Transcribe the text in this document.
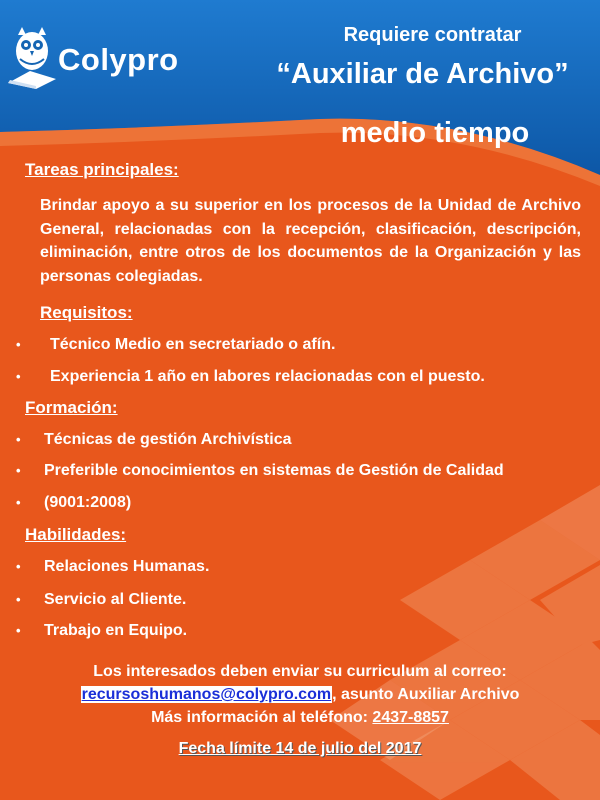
Colypro
Requiere contratar
“Auxiliar de Archivo”
medio tiempo
Tareas principales:
Brindar apoyo a su superior en los procesos de la Unidad de Archivo General, relacionadas con la recepción, clasificación, descripción, eliminación, entre otros de los documentos de la Organización y las personas colegiadas.
Requisitos:
• Técnico Medio en secretariado o afín.
• Experiencia 1 año en labores relacionadas con el puesto.
Formación:
• Técnicas de gestión Archivística
• Preferible conocimientos en sistemas de Gestión de Calidad
• (9001:2008)
Habilidades:
• Relaciones Humanas.
• Servicio al Cliente.
• Trabajo en Equipo.
Los interesados deben enviar su curriculum al correo:
recursoshumanos@colypro.com, asunto Auxiliar Archivo
Más información al teléfono: 2437-8857
Fecha límite 14 de julio del 2017
